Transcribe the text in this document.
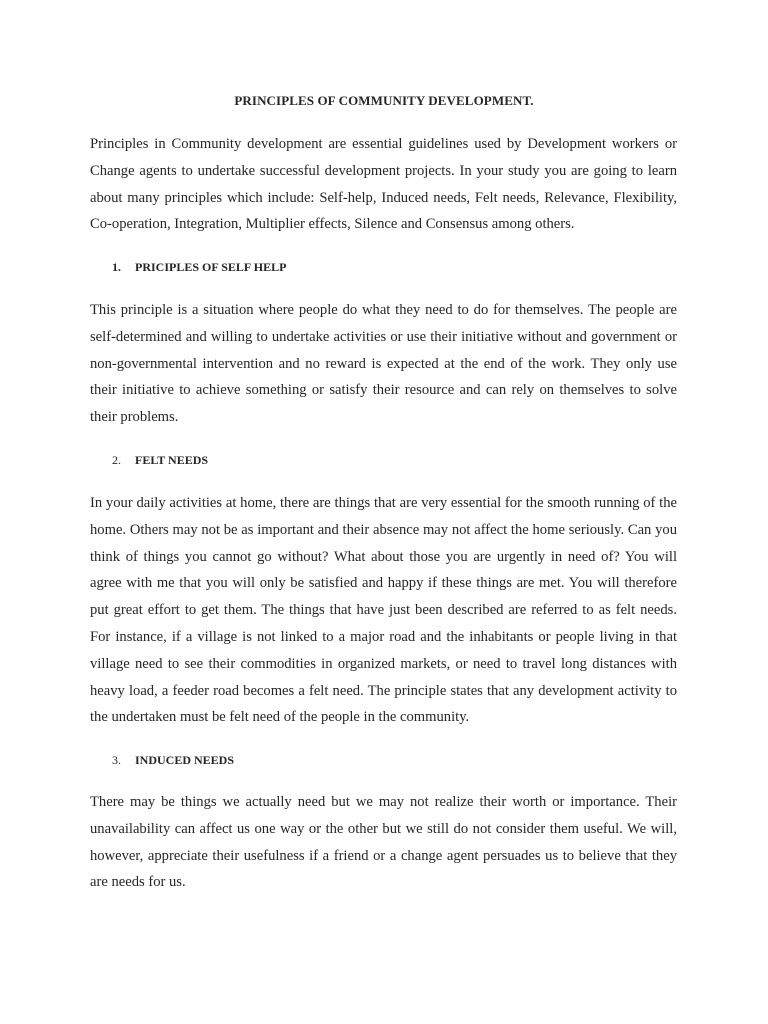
PRINCIPLES OF COMMUNITY DEVELOPMENT.

Principles in Community development are essential guidelines used by Development workers or Change agents to undertake successful development projects. In your study you are going to learn about many principles which include: Self-help, Induced needs, Felt needs, Relevance, Flexibility, Co-operation, Integration, Multiplier effects, Silence and Consensus among others.

1.	PRICIPLES OF SELF HELP

This principle is a situation where people do what they need to do for themselves. The people are self-determined and willing to undertake activities or use their initiative without and government or non-governmental intervention and no reward is expected at the end of the work. They only use their initiative to achieve something or satisfy their resource and can rely on themselves to solve their problems.

2.	FELT NEEDS

In your daily activities at home, there are things that are very essential for the smooth running of the home. Others may not be as important and their absence may not affect the home seriously. Can you think of things you cannot go without? What about those you are urgently in need of? You will agree with me that you will only be satisfied and happy if these things are met. You will therefore put great effort to get them. The things that have just been described are referred to as felt needs. For instance, if a village is not linked to a major road and the inhabitants or people living in that village need to see their commodities in organized markets, or need to travel long distances with heavy load, a feeder road becomes a felt need. The principle states that any development activity to the undertaken must be felt need of the people in the community.

3.	INDUCED NEEDS

There may be things we actually need but we may not realize their worth or importance. Their unavailability can affect us one way or the other but we still do not consider them useful. We will, however, appreciate their usefulness if a friend or a change agent persuades us to believe that they are needs for us.
